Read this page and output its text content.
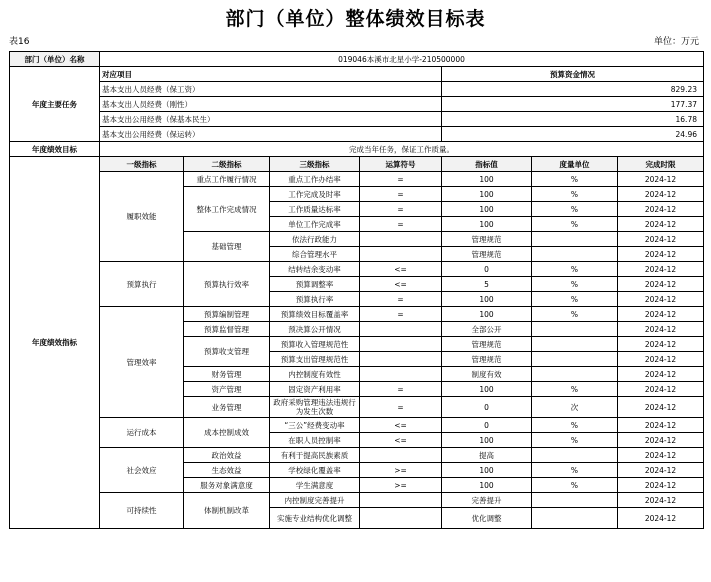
部门（单位）整体绩效目标表
表16	单位：万元
部门（单位）名称	019046本溪市北星小学-210500000						
年度主要任务	对应项目				预算资金情况		
	基本支出人员经费（保工资）				829.23		
	基本支出人员经费（刚性）				177.37		
	基本支出公用经费（保基本民生）				16.78		
	基本支出公用经费（保运转）				24.96		
年度绩效目标	完成当年任务，保证工作质量。						
年度绩效指标	一级指标	二级指标	三级指标	运算符号	指标值	度量单位	完成时限
	履职效能	重点工作履行情况	重点工作办结率	=	100	%	2024-12
		整体工作完成情况	工作完成及时率	=	100	%	2024-12
			工作质量达标率	=	100	%	2024-12
			单位工作完成率	=	100	%	2024-12
		基础管理	依法行政能力		管理规范		2024-12
			综合管理水平		管理规范		2024-12
	预算执行	预算执行效率	结转结余变动率	<=	0	%	2024-12
			预算调整率	<=	5	%	2024-12
			预算执行率	=	100	%	2024-12
	管理效率	预算编制管理	预算绩效目标覆盖率	=	100	%	2024-12
		预算监督管理	预决算公开情况		全部公开		2024-12
		预算收支管理	预算收入管理规范性		管理规范		2024-12
			预算支出管理规范性		管理规范		2024-12
		财务管理	内控制度有效性		制度有效		2024-12
		资产管理	固定资产利用率	=	100	%	2024-12
		业务管理	政府采购管理违法违规行为发生次数	=	0	次	2024-12
	运行成本	成本控制成效	“三公”经费变动率	<=	0	%	2024-12
			在职人员控制率	<=	100	%	2024-12
	社会效应	政治效益	有利于提高民族素质		提高		2024-12
		生态效益	学校绿化覆盖率	>=	100	%	2024-12
		服务对象满意度	学生满意度	>=	100	%	2024-12
	可持续性	体制机制改革	内控制度完善提升		完善提升		2024-12
			实施专业结构优化调整		优化调整		2024-12
